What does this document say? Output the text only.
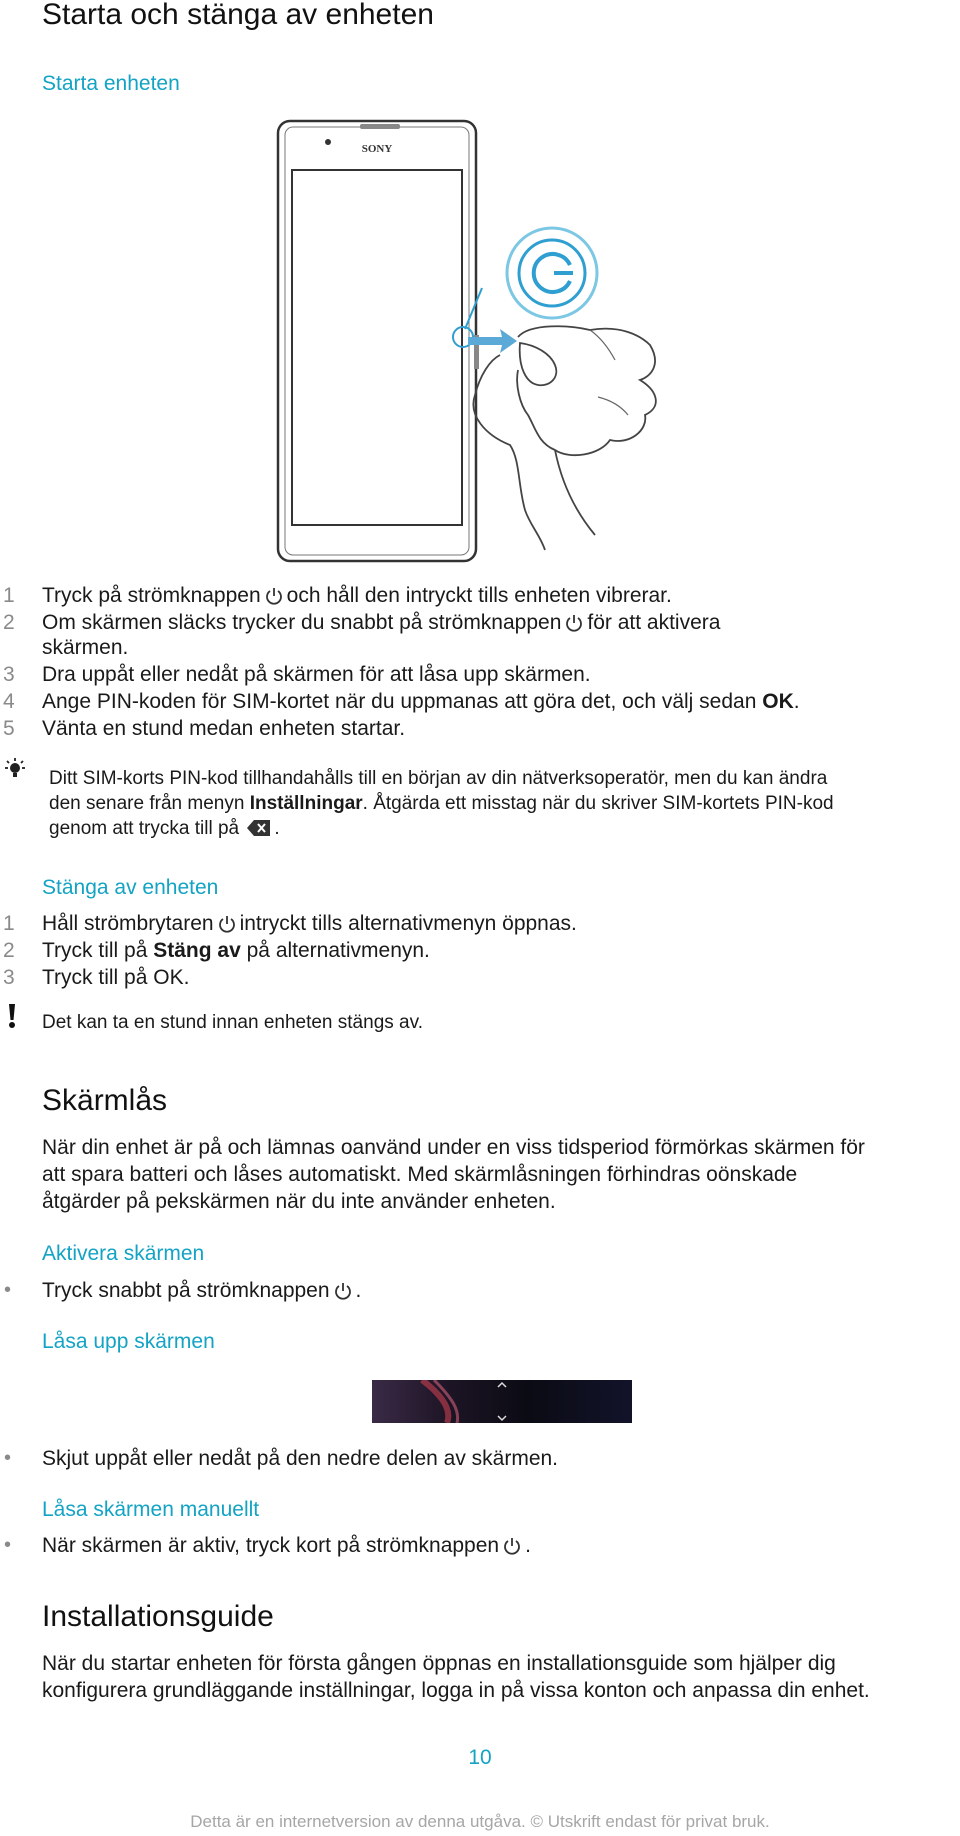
Starta och stänga av enheten
Starta enheten
SONY
1 Tryck på strömknappen och håll den intryckt tills enheten vibrerar.
2 Om skärmen släcks trycker du snabbt på strömknappen för att aktivera
skärmen.
3 Dra uppåt eller nedåt på skärmen för att låsa upp skärmen.
4 Ange PIN-koden för SIM-kortet när du uppmanas att göra det, och välj sedan OK.
5 Vänta en stund medan enheten startar.
Ditt SIM-korts PIN-kod tillhandahålls till en början av din nätverksoperatör, men du kan ändra
den senare från menyn Inställningar. Åtgärda ett misstag när du skriver SIM-kortets PIN-kod
genom att trycka till på .
Stänga av enheten
1 Håll strömbrytaren intryckt tills alternativmenyn öppnas.
2 Tryck till på Stäng av på alternativmenyn.
3 Tryck till på OK.
Det kan ta en stund innan enheten stängs av.
Skärmlås
När din enhet är på och lämnas oanvänd under en viss tidsperiod förmörkas skärmen för
att spara batteri och låses automatiskt. Med skärmlåsningen förhindras oönskade
åtgärder på pekskärmen när du inte använder enheten.
Aktivera skärmen
• Tryck snabbt på strömknappen .
Låsa upp skärmen
• Skjut uppåt eller nedåt på den nedre delen av skärmen.
Låsa skärmen manuellt
• När skärmen är aktiv, tryck kort på strömknappen .
Installationsguide
När du startar enheten för första gången öppnas en installationsguide som hjälper dig
konfigurera grundläggande inställningar, logga in på vissa konton och anpassa din enhet.
10
Detta är en internetversion av denna utgåva. © Utskrift endast för privat bruk.
